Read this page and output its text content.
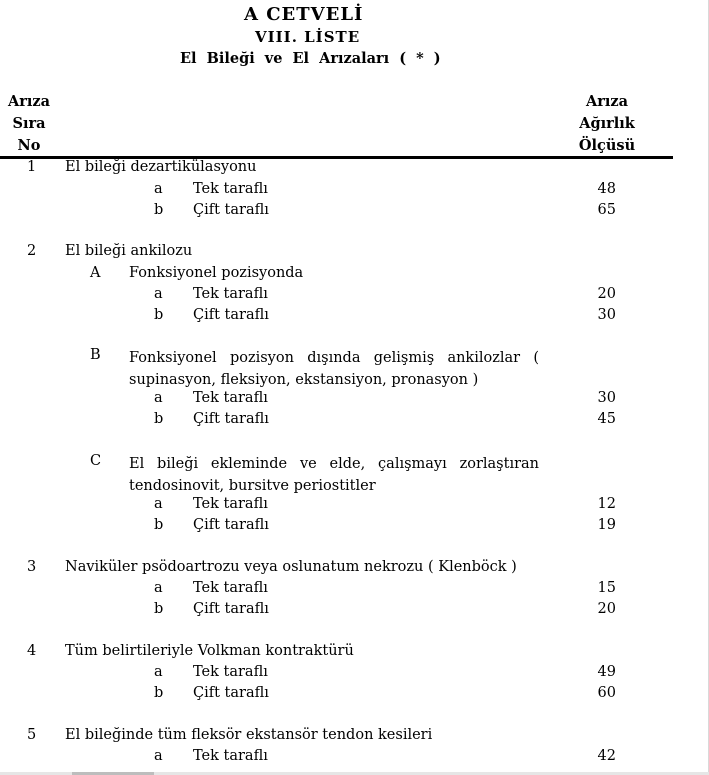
A CETVELİ
VIII. LİSTE
El Bileği ve El Arızaları ( * )
Arıza
Sıra
No
Arıza
Ağırlık
Ölçüsü
1 El bileği dezartikülasyonu
a Tek taraflı	48
b Çift taraflı	65
2 El bileği ankilozu
A Fonksiyonel pozisyonda
a Tek taraflı	20
b Çift taraflı	30
B Fonksiyonel pozisyon dışında gelişmiş ankilozlar ( supinasyon, fleksiyon, ekstansiyon, pronasyon )
a Tek taraflı	30
b Çift taraflı	45
C El bileği ekleminde ve elde, çalışmayı zorlaştıran tendosinovit, bursitve periostitler
a Tek taraflı	12
b Çift taraflı	19
3 Naviküler psödoartrozu veya oslunatum nekrozu ( Klenböck )
a Tek taraflı	15
b Çift taraflı	20
4 Tüm belirtileriyle Volkman kontraktürü
a Tek taraflı	49
b Çift taraflı	60
5 El bileğinde tüm fleksör ekstansör tendon kesileri
a Tek taraflı	42
